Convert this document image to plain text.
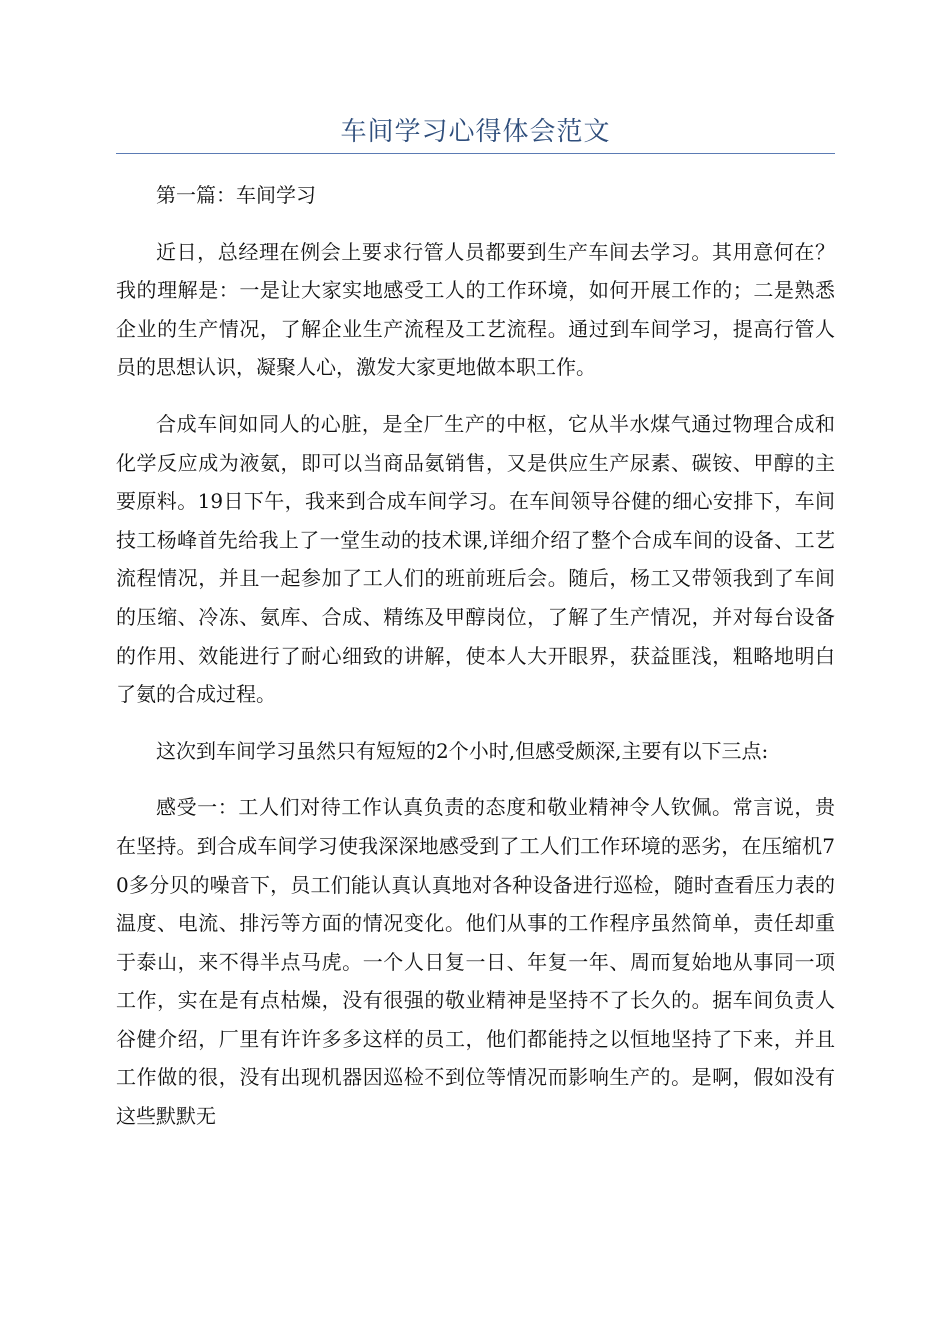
车间学习心得体会范文

第一篇：车间学习

近日，总经理在例会上要求行管人员都要到生产车间去学习。其用意何在？我的理解是：一是让大家实地感受工人的工作环境，如何开展工作的；二是熟悉企业的生产情况，了解企业生产流程及工艺流程。通过到车间学习，提高行管人员的思想认识，凝聚人心，激发大家更地做本职工作。

合成车间如同人的心脏，是全厂生产的中枢，它从半水煤气通过物理合成和化学反应成为液氨，即可以当商品氨销售，又是供应生产尿素、碳铵、甲醇的主要原料。19日下午，我来到合成车间学习。在车间领导谷健的细心安排下，车间技工杨峰首先给我上了一堂生动的技术课,详细介绍了整个合成车间的设备、工艺流程情况，并且一起参加了工人们的班前班后会。随后，杨工又带领我到了车间的压缩、冷冻、氨库、合成、精练及甲醇岗位，了解了生产情况，并对每台设备的作用、效能进行了耐心细致的讲解，使本人大开眼界，获益匪浅，粗略地明白了氨的合成过程。

这次到车间学习虽然只有短短的2个小时,但感受颇深,主要有以下三点:

感受一：工人们对待工作认真负责的态度和敬业精神令人钦佩。常言说，贵在坚持。到合成车间学习使我深深地感受到了工人们工作环境的恶劣，在压缩机70多分贝的噪音下，员工们能认真认真地对各种设备进行巡检，随时查看压力表的温度、电流、排污等方面的情况变化。他们从事的工作程序虽然简单，责任却重于泰山，来不得半点马虎。一个人日复一日、年复一年、周而复始地从事同一项工作，实在是有点枯燥，没有很强的敬业精神是坚持不了长久的。据车间负责人谷健介绍，厂里有许许多多这样的员工，他们都能持之以恒地坚持了下来，并且工作做的很，没有出现机器因巡检不到位等情况而影响生产的。是啊，假如没有这些默默无
